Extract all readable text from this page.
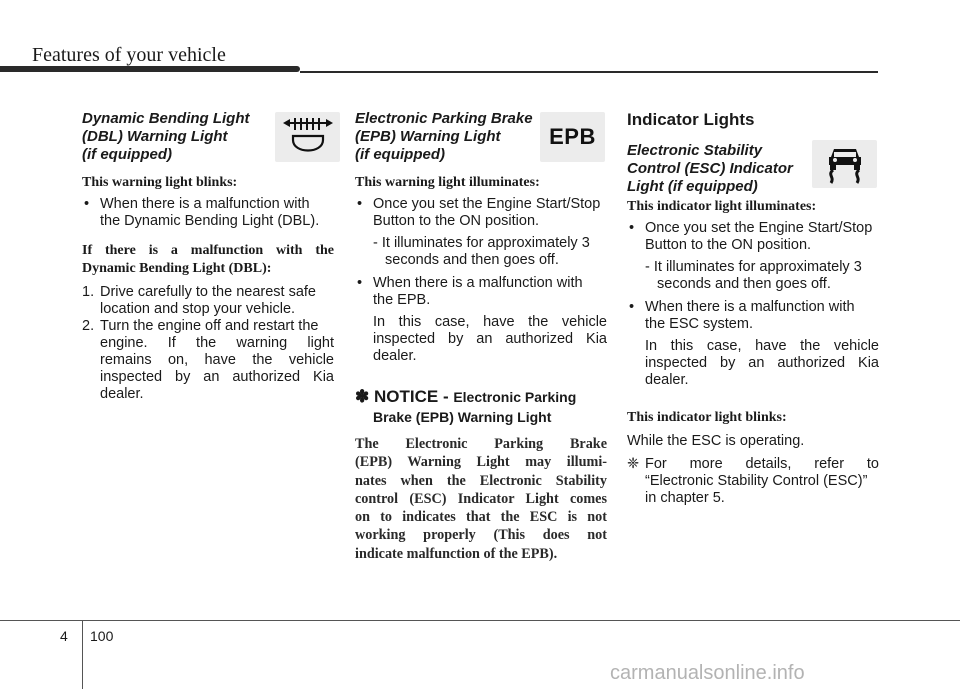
Features of your vehicle
Dynamic Bending Light
(DBL) Warning Light
(if equipped)

This warning light blinks:

• When there is a malfunction with
the Dynamic Bending Light (DBL).

If there is a malfunction with the
Dynamic Bending Light (DBL):

1. Drive carefully to the nearest safe
location and stop your vehicle.
2. Turn the engine off and restart the
engine. If the warning light
remains on, have the vehicle
inspected by an authorized Kia
dealer.
Electronic Parking Brake
(EPB) Warning Light
(if equipped)
EPB

This warning light illuminates:

• Once you set the Engine Start/Stop
Button to the ON position.
- It illuminates for approximately 3
seconds and then goes off.
• When there is a malfunction with
the EPB.
In this case, have the vehicle
inspected by an authorized Kia
dealer.
✽ NOTICE - Electronic Parking
Brake (EPB) Warning Light
The Electronic Parking Brake
(EPB) Warning Light may illumi-
nates when the Electronic Stability
control (ESC) Indicator Light comes
on to indicates that the ESC is not
working properly (This does not
indicate malfunction of the EPB).

Indicator Lights

Electronic Stability
Control (ESC) Indicator
Light (if equipped)

This indicator light illuminates:

• Once you set the Engine Start/Stop
Button to the ON position.
- It illuminates for approximately 3
seconds and then goes off.
• When there is a malfunction with
the ESC system.
In this case, have the vehicle
inspected by an authorized Kia
dealer.

This indicator light blinks:

While the ESC is operating.

❈ For more details, refer to
“Electronic Stability Control (ESC)”
in chapter 5.
4 100
carmanualsonline.info
